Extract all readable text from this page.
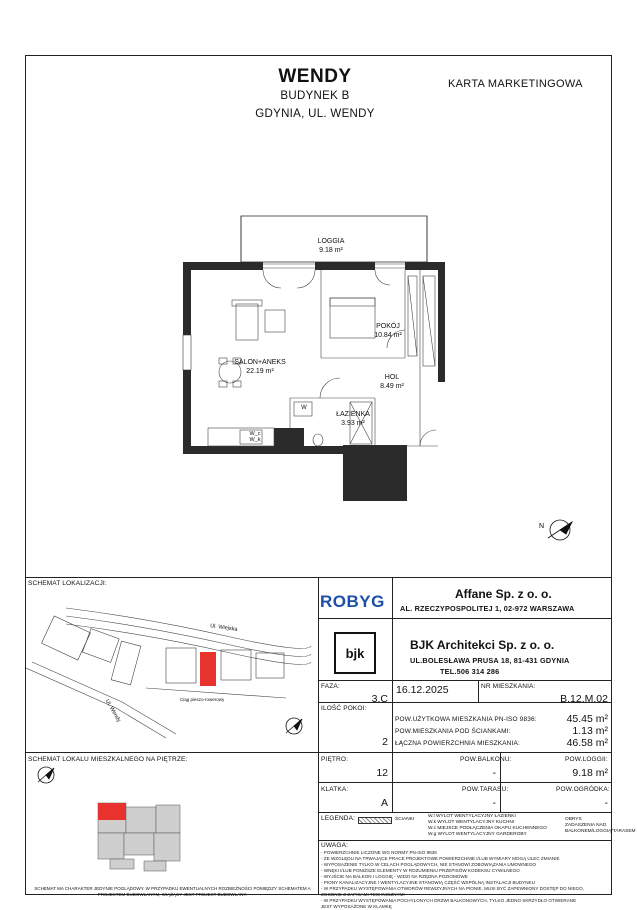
WENDY
BUDYNEK B
GDYNIA, UL. WENDY
KARTA MARKETINGOWA
N
LOGGIA
9.18 m²
POKÓJ
10.84 m²
SALON+ANEKS
22.19 m²
HOL
8.49 m²
ŁAZIENKA
3.93 m²
W
W_c
W_k
SCHEMAT LOKALIZACJI:
Ul. Wiejska
Ul. Wendy	Ciąg pieszo-rowerowy
ROBYG	Affane Sp. z o. o.
AL. RZECZYPOSPOLITEJ 1, 02-972 WARSZAWA
bjk
BJK Architekci Sp. z o. o.
UL.BOLESŁAWA PRUSA 18, 81-431 GDYNIA
TEL.506 314 286
FAZA:
3.C
16.12.2025	NR MIESZKANIA:
B.12.M.02
ILOŚĆ POKOI:
2
POW.UŻYTKOWA MIESZKANIA PN-ISO 9836:	45.45 m²
POW.MIESZKANIA POD ŚCIANKAMI:	1.13 m²
ŁĄCZNA POWIERZCHNIA MIESZKANIA:	46.58 m²
PIĘTRO:
12
POW.BALKONU:
-
POW.LOGGII:
9.18 m²
KLATKA:
A
POW.TARASU:
-
POW.OGRÓDKA:
-
SCHEMAT LOKALU MIESZKALNEGO NA PIĘTRZE:
SCHEMAT MA CHARAKTER JEDYNIE POGLĄDOWY. W PRZYPADKU EWENTUALNYCH ROZBIEŻNOŚCI POMIĘDZY SCHEMATEM A PROJEKTEM BUDOWLANYM, WIĄŻĄCY JEST PROJEKT BUDOWLANY.
LEGENDA:	ŚCIANKI
W.l WYLOT WENTYLACYJNY ŁAZIENKI
W.k WYLOT WENTYLACYJNY KUCHNI
W.c MIEJSCE PODŁĄCZENIA OKAPU KUCHENNEGO
W.g WYLOT WENTYLACYJNY GARDEROBY
OBRYS ZADASZENIA NAD BALKONEM/LOGGIĄ/TARASEM
UWAGA:
- POWIERZCHNIE LICZONE WG NORMY PN-ISO 9836
- ZE WZGLĘDU NA TRWAJĄCE PRACE PROJEKTOWE POWIERZCHNIE I/LUB WYMIARY MOGĄ ULEC ZMIANIE
- WYPOSAŻENIE TYLKO W CELACH POGLĄDOWYCH, NIE STANOWI ZOBOWIĄZANIA UMOWNEGO
- WNĘKI I/LUB PONIŻSZE ELEMENTY W ROZUMIENIU PRZEPISÓW KODEKSU CYWILNEGO
- WYJŚCIE NA BALKON I LOGGIĘ - WIDZI NA RZĘDNA POZIOMOWE
- PIONY KANALIZACYJNE I WENTYLACYJNE STANOWIĄ CZĘŚĆ WSPÓLNĄ INSTALACJI BUDYNKU
- W PRZYPADKU WYSTĘPOWANIA OTWORÓW REWIZYJNYCH NA PIONIE, MUSI BYĆ ZAPEWNIONY DOSTĘP DO NIEGO,
ZGODNIE Z ZAPISAMI TECHNICZNYMI
- W PRZYPADKU WYSTĘPOWANIA POCHYLONYCH DRZWI BALKONOWYCH, TYLKO JEDNO SKRZYDŁO OTWIERANE
JEST WYPOSAŻONE W KLAMKĘ
